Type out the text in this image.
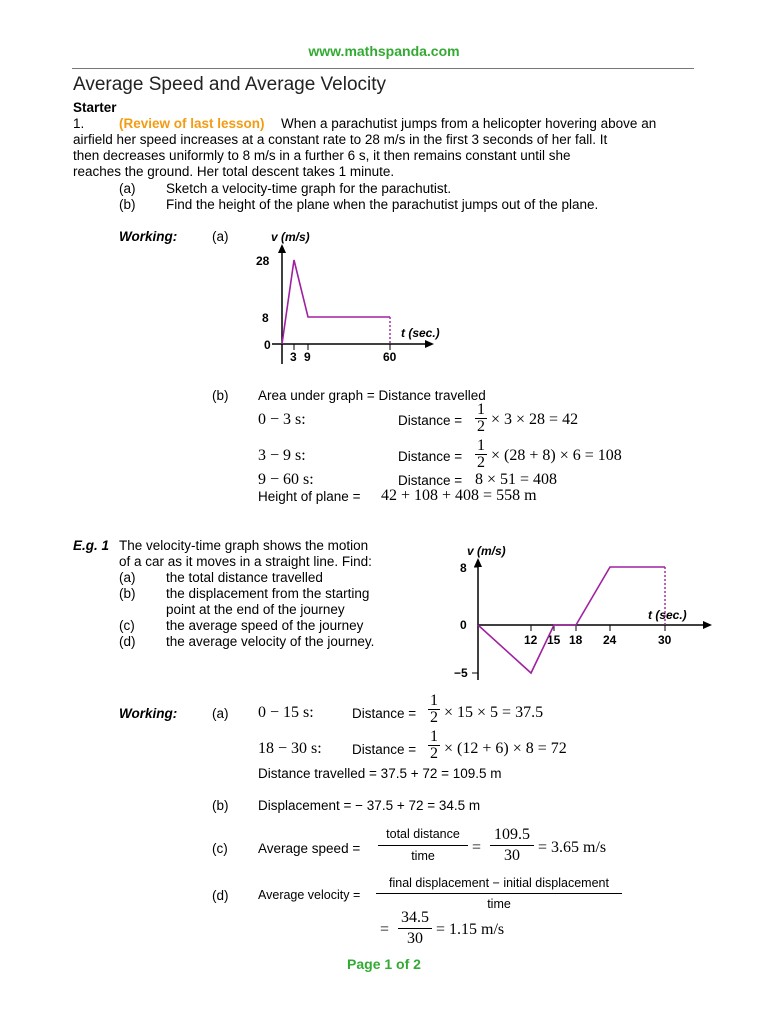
www.mathspanda.com
Average Speed and Average Velocity
Starter
1.	(Review of last lesson) When a parachutist jumps from a helicopter hovering above an
airfield her speed increases at a constant rate to 28 m/s in the first 3 seconds of her fall. It
then decreases uniformly to 8 m/s in a further 6 s, it then remains constant until she
reaches the ground. Her total descent takes 1 minute.
(a) Sketch a velocity-time graph for the parachutist.
(b) Find the height of the plane when the parachutist jumps out of the plane.
Working:	(a)	v (m/s)
28
8
0
t (sec.)
3 9	60
(b) Area under graph = Distance travelled
0 − 3 s:	Distance =
1
2 × 3 × 28 = 42
3 − 9 s:	Distance =
1
2 × (28 + 8) × 6 = 108
9 − 60 s:	Distance = 8 × 51 = 408
Height of plane = 42 + 108 + 408 = 558 m
E.g. 1 The velocity-time graph shows the motion
of a car as it moves in a straight line. Find:
(a) the total distance travelled
(b) the displacement from the starting
point at the end of the journey
(c) the average speed of the journey
(d) the average velocity of the journey.
v (m/s)
8
0
−5
t (sec.)
12 15 18 24	30
Working:	(a) 0 − 15 s:	Distance =
1
2 × 15 × 5 = 37.5
18 − 30 s: Distance =
1
2 × (12 + 6) × 8 = 72
Distance travelled = 37.5 + 72 = 109.5 m
(b) Displacement = − 37.5 + 72 = 34.5 m
(c) Average speed =
total distance
time	=
109.5
30	= 3.65 m/s
(d) Average velocity =
final displacement − initial displacement
time
=
34.5
30
= 1.15 m/s
Page 1 of 2
